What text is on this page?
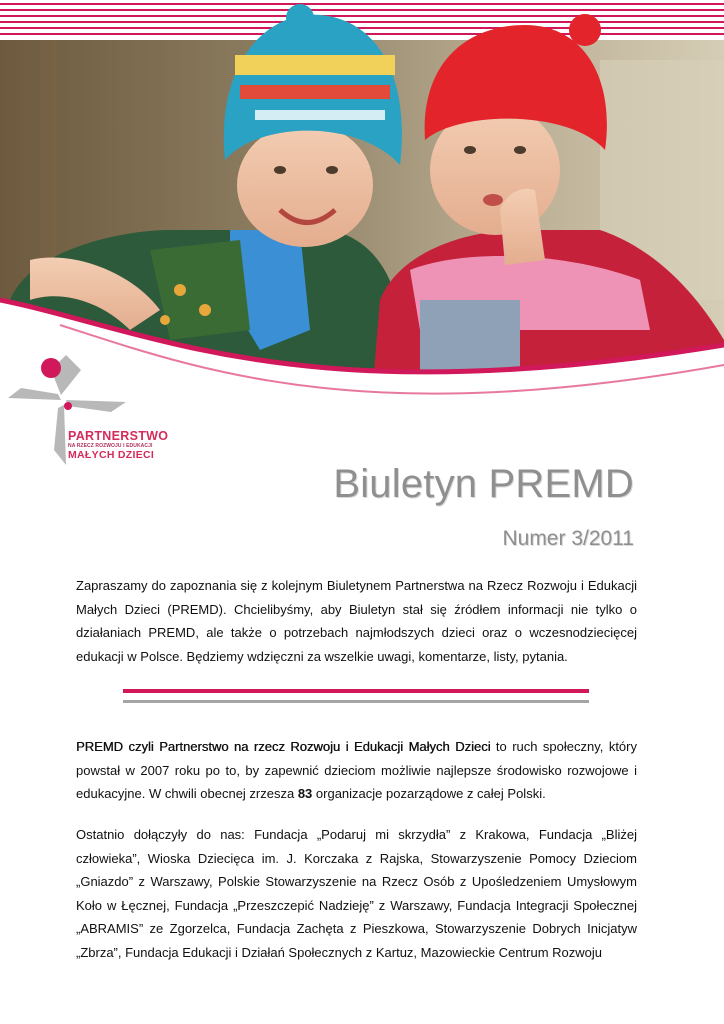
PARTNERSTWO
NA RZECZ ROZWOJU I EDUKACJI
MAŁYCH DZIECI
Biuletyn PREMD
Numer 3/2011

Zapraszamy do zapoznania się z kolejnym Biuletynem Partnerstwa na Rzecz Rozwoju i Edukacji Małych Dzieci (PREMD). Chcielibyśmy, aby Biuletyn stał się źródłem informacji nie tylko o działaniach PREMD, ale także o potrzebach najmłodszych dzieci oraz o wczesnodziecięcej edukacji w Polsce. Będziemy wdzięczni za wszelkie uwagi, komentarze, listy, pytania.

PREMD czyli Partnerstwo na rzecz Rozwoju i Edukacji Małych Dzieci to ruch społeczny, który powstał w 2007 roku po to, by zapewnić dzieciom możliwie najlepsze środowisko rozwojowe i edukacyjne. W chwili obecnej zrzesza 83 organizacje pozarządowe z całej Polski.

Ostatnio dołączyły do nas: Fundacja „Podaruj mi skrzydła” z Krakowa, Fundacja „Bliżej człowieka”, Wioska Dziecięca im. J. Korczaka z Rajska, Stowarzyszenie Pomocy Dzieciom „Gniazdo” z Warszawy, Polskie Stowarzyszenie na Rzecz Osób z Upośledzeniem Umysłowym Koło w Łęcznej, Fundacja „Przeszczepić Nadzieję” z Warszawy, Fundacja Integracji Społecznej „ABRAMIS” ze Zgorzelca, Fundacja Zachęta z Pieszkowa, Stowarzyszenie Dobrych Inicjatyw „Zbrza”, Fundacja Edukacji i Działań Społecznych z Kartuz, Mazowieckie Centrum Rozwoju
